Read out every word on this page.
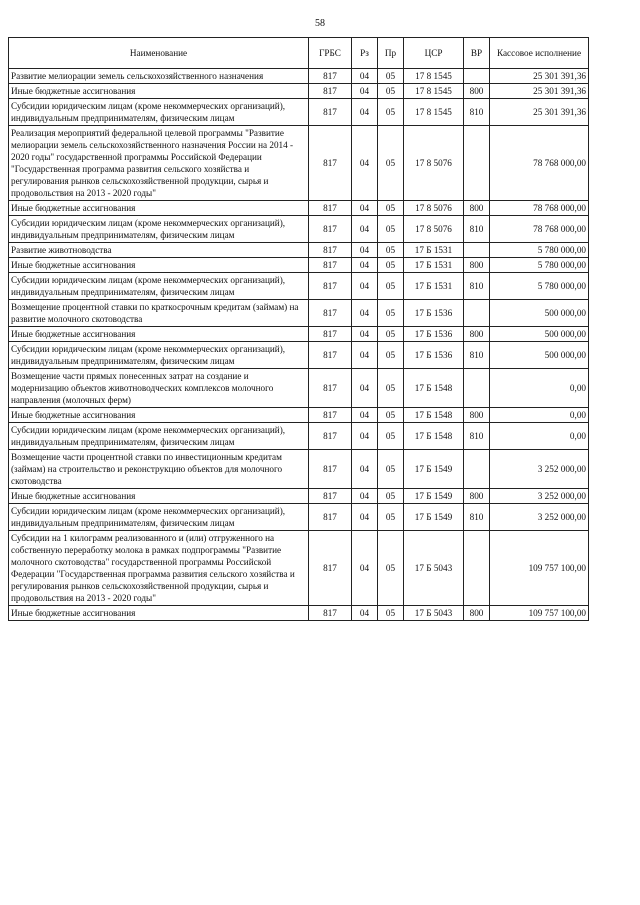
58
Наименование	ГРБС	Рз	Пр	ЦСР	ВР	Кассовое исполнение
Развитие мелиорации земель сельскохозяйственного назначения	817	04	05	17 8 1545		25 301 391,36
Иные бюджетные ассигнования	817	04	05	17 8 1545	800	25 301 391,36
Субсидии юридическим лицам (кроме некоммерческих организаций), индивидуальным предпринимателям, физическим лицам	817	04	05	17 8 1545	810	25 301 391,36
Реализация мероприятий федеральной целевой программы "Развитие мелиорации земель сельскохозяйственного назначения России на 2014 - 2020 годы" государственной программы Российской Федерации "Государственная программа развития сельского хозяйства и регулирования рынков сельскохозяйственной продукции, сырья и продовольствия на 2013 - 2020 годы"	817	04	05	17 8 5076		78 768 000,00
Иные бюджетные ассигнования	817	04	05	17 8 5076	800	78 768 000,00
Субсидии юридическим лицам (кроме некоммерческих организаций), индивидуальным предпринимателям, физическим лицам	817	04	05	17 8 5076	810	78 768 000,00
Развитие животноводства	817	04	05	17 Б 1531		5 780 000,00
Иные бюджетные ассигнования	817	04	05	17 Б 1531	800	5 780 000,00
Субсидии юридическим лицам (кроме некоммерческих организаций), индивидуальным предпринимателям, физическим лицам	817	04	05	17 Б 1531	810	5 780 000,00
Возмещение процентной ставки по краткосрочным кредитам (займам) на развитие молочного скотоводства	817	04	05	17 Б 1536		500 000,00
Иные бюджетные ассигнования	817	04	05	17 Б 1536	800	500 000,00
Субсидии юридическим лицам (кроме некоммерческих организаций), индивидуальным предпринимателям, физическим лицам	817	04	05	17 Б 1536	810	500 000,00
Возмещение части прямых понесенных затрат на создание и модернизацию объектов животноводческих комплексов молочного направления (молочных ферм)	817	04	05	17 Б 1548		0,00
Иные бюджетные ассигнования	817	04	05	17 Б 1548	800	0,00
Субсидии юридическим лицам (кроме некоммерческих организаций), индивидуальным предпринимателям, физическим лицам	817	04	05	17 Б 1548	810	0,00
Возмещение части процентной ставки по инвестиционным кредитам (займам) на строительство и реконструкцию объектов для молочного скотоводства	817	04	05	17 Б 1549		3 252 000,00
Иные бюджетные ассигнования	817	04	05	17 Б 1549	800	3 252 000,00
Субсидии юридическим лицам (кроме некоммерческих организаций), индивидуальным предпринимателям, физическим лицам	817	04	05	17 Б 1549	810	3 252 000,00
Субсидии на 1 килограмм реализованного и (или) отгруженного на собственную переработку молока в рамках подпрограммы "Развитие молочного скотоводства" государственной программы Российской Федерации "Государственная программа развития сельского хозяйства и регулирования рынков сельскохозяйственной продукции, сырья и продовольствия на 2013 - 2020 годы"	817	04	05	17 Б 5043		109 757 100,00
Иные бюджетные ассигнования	817	04	05	17 Б 5043	800	109 757 100,00
